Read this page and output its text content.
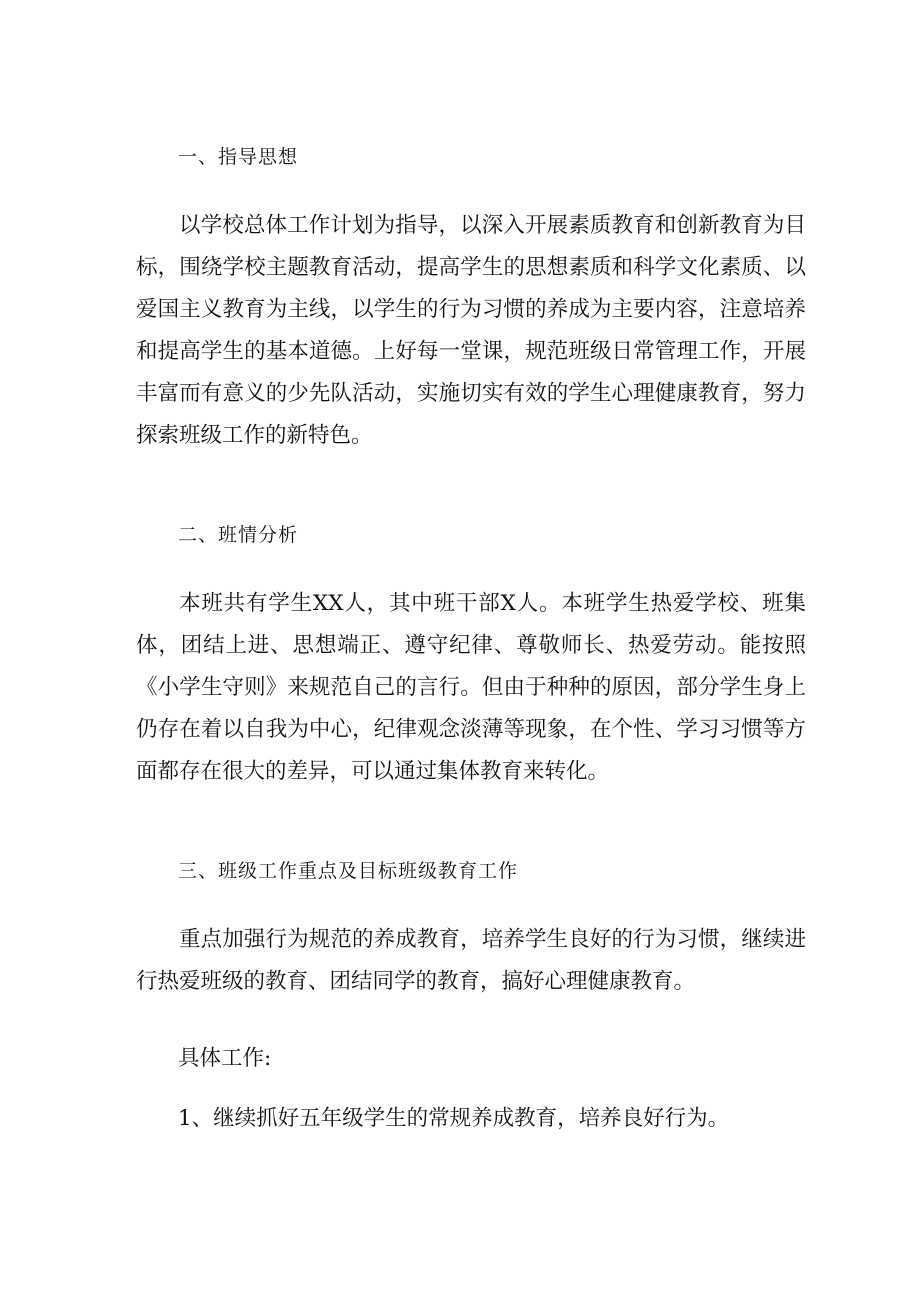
一、指导思想
以学校总体工作计划为指导，以深入开展素质教育和创新教育为目标，围绕学校主题教育活动，提高学生的思想素质和科学文化素质、以爱国主义教育为主线，以学生的行为习惯的养成为主要内容，注意培养和提高学生的基本道德。上好每一堂课，规范班级日常管理工作，开展丰富而有意义的少先队活动，实施切实有效的学生心理健康教育，努力探索班级工作的新特色。
二、班情分析
本班共有学生XX人，其中班干部X人。本班学生热爱学校、班集体，团结上进、思想端正、遵守纪律、尊敬师长、热爱劳动。能按照《小学生守则》来规范自己的言行。但由于种种的原因，部分学生身上仍存在着以自我为中心，纪律观念淡薄等现象，在个性、学习习惯等方面都存在很大的差异，可以通过集体教育来转化。
三、班级工作重点及目标班级教育工作
重点加强行为规范的养成教育，培养学生良好的行为习惯，继续进行热爱班级的教育、团结同学的教育，搞好心理健康教育。
具体工作:
1、继续抓好五年级学生的常规养成教育，培养良好行为。
